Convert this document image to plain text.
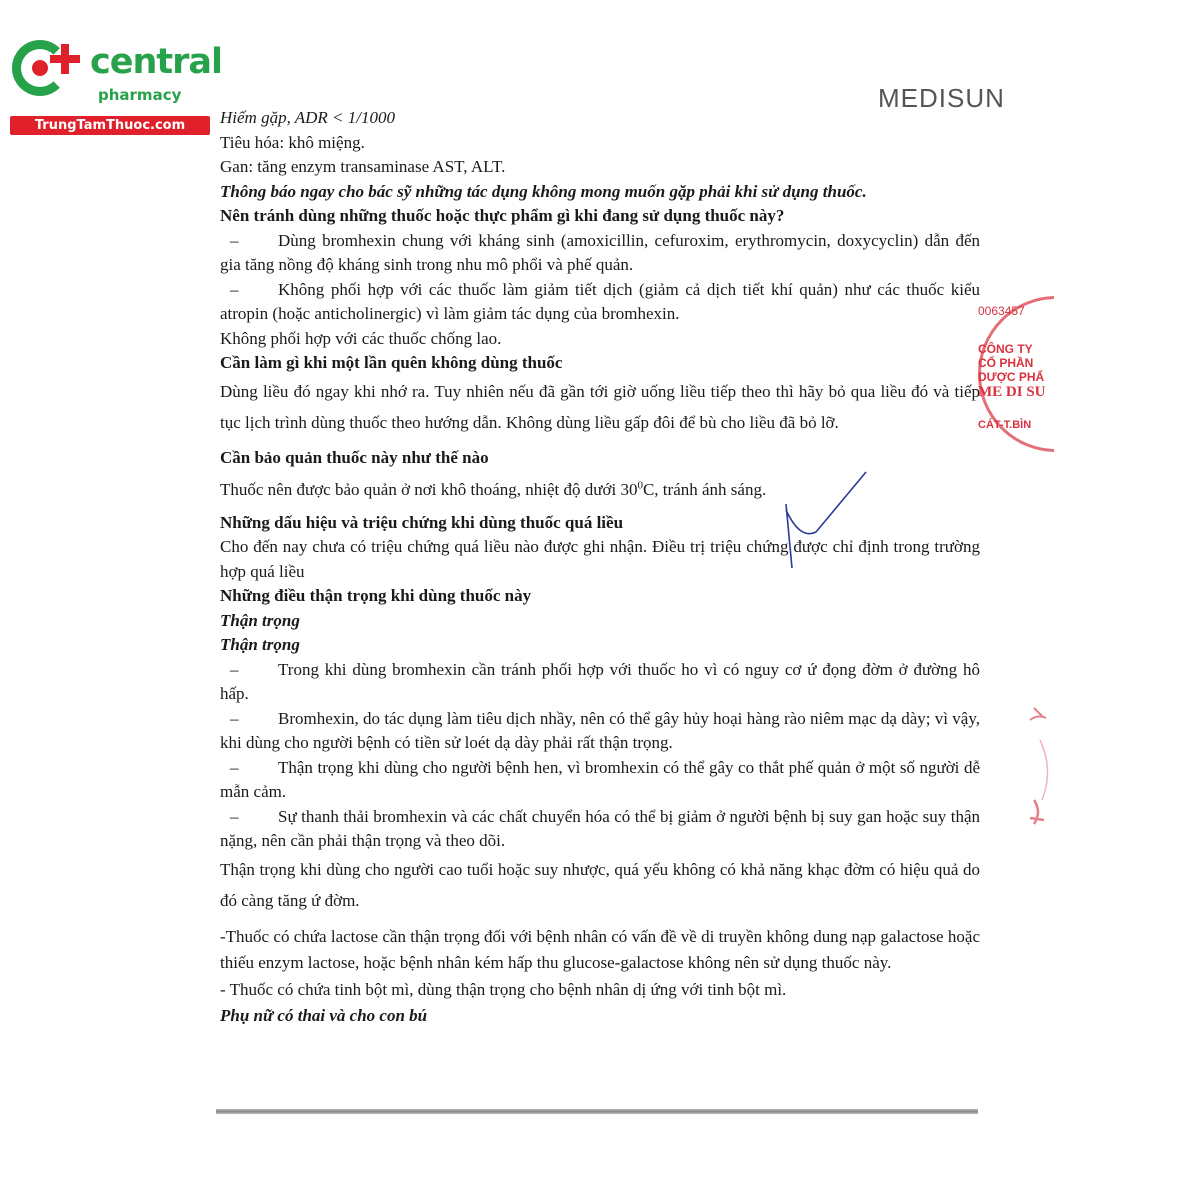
central
pharmacy
TrungTamThuoc.com
MEDISUN
0063457
CÔNG TY
CỔ PHẦN
DƯỢC PHẨ
ME DI SU
CÁT-T.BÌN

Hiếm gặp, ADR < 1/1000

Tiêu hóa: khô miệng.

Gan: tăng enzym transaminase AST, ALT.

Thông báo ngay cho bác sỹ những tác dụng không mong muốn gặp phải khi sử dụng thuốc.

Nên tránh dùng những thuốc hoặc thực phẩm gì khi đang sử dụng thuốc này?

– Dùng bromhexin chung với kháng sinh (amoxicillin, cefuroxim, erythromycin, doxycyclin) dẫn đến gia tăng nồng độ kháng sinh trong nhu mô phổi và phế quản.

– Không phối hợp với các thuốc làm giảm tiết dịch (giảm cả dịch tiết khí quản) như các thuốc kiểu atropin (hoặc anticholinergic) vì làm giảm tác dụng của bromhexin.

Không phối hợp với các thuốc chống lao.

Cần làm gì khi một lần quên không dùng thuốc

Dùng liều đó ngay khi nhớ ra. Tuy nhiên nếu đã gần tới giờ uống liều tiếp theo thì hãy bỏ qua liều đó và tiếp tục lịch trình dùng thuốc theo hướng dẫn. Không dùng liều gấp đôi để bù cho liều đã bỏ lỡ.

Cần bảo quản thuốc này như thế nào

Thuốc nên được bảo quản ở nơi khô thoáng, nhiệt độ dưới $30^0C$, tránh ánh sáng.

Những dấu hiệu và triệu chứng khi dùng thuốc quá liều

Cho đến nay chưa có triệu chứng quá liều nào được ghi nhận. Điều trị triệu chứng được chỉ định trong trường hợp quá liều

Những điều thận trọng khi dùng thuốc này

Thận trọng

Thận trọng

– Trong khi dùng bromhexin cần tránh phối hợp với thuốc ho vì có nguy cơ ứ đọng đờm ở đường hô hấp.

– Bromhexin, do tác dụng làm tiêu dịch nhầy, nên có thể gây hủy hoại hàng rào niêm mạc dạ dày; vì vậy, khi dùng cho người bệnh có tiền sử loét dạ dày phải rất thận trọng.

– Thận trọng khi dùng cho người bệnh hen, vì bromhexin có thể gây co thắt phế quản ở một số người dễ mẫn cảm.

– Sự thanh thải bromhexin và các chất chuyển hóa có thể bị giảm ở người bệnh bị suy gan hoặc suy thận nặng, nên cần phải thận trọng và theo dõi.

Thận trọng khi dùng cho người cao tuổi hoặc suy nhược, quá yếu không có khả năng khạc đờm có hiệu quả do đó càng tăng ứ đờm.

-Thuốc có chứa lactose cần thận trọng đối với bệnh nhân có vấn đề về di truyền không dung nạp galactose hoặc thiếu enzym lactose, hoặc bệnh nhân kém hấp thu glucose-galactose không nên sử dụng thuốc này.

- Thuốc có chứa tinh bột mì, dùng thận trọng cho bệnh nhân dị ứng với tinh bột mì.

Phụ nữ có thai và cho con bú
